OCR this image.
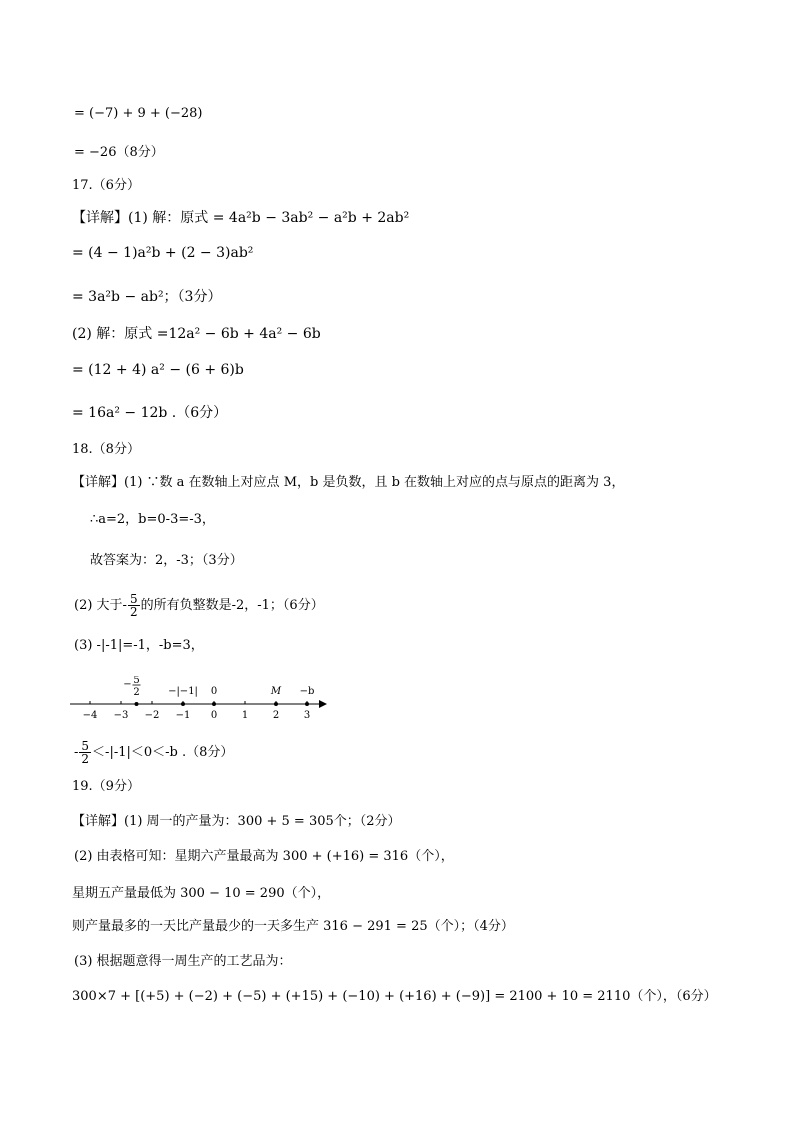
= (−7) + 9 + (−28)
= −26（8分）
17.（6分）
【详解】(1) 解：原式 = 4a²b − 3ab² − a²b + 2ab²
= (4 − 1)a²b + (2 − 3)ab²
= 3a²b − ab²；（3分）
(2) 解：原式 =12a² − 6b + 4a² − 6b
= (12 + 4) a² − (6 + 6)b
= 16a² − 12b .（6分）
18.（8分）
【详解】(1) ∵数 a 在数轴上对应点 M，b 是负数，且 b 在数轴上对应的点与原点的距离为 3，
∴a=2，b=0-3=-3，
故答案为：2，-3；（3分）
(2) 大于- $\frac{5}{2}$ 的所有负整数是-2，-1；（6分）
(3) -|-1|=-1，-b=3，
−4 −3 −2 −1 0 1 2 3
− 5
2	−|−1| 0	M −b
- $\frac{5}{2} <-|-1|<0<-b$ .（8分）
19.（9分）
【详解】(1) 周一的产量为：300 + 5 = 305个；（2分）
(2) 由表格可知：星期六产量最高为 300 + (+16) = 316（个），
星期五产量最低为 300 − 10 = 290（个），
则产量最多的一天比产量最少的一天多生产 316 − 291 = 25（个）；（4分）
(3) 根据题意得一周生产的工艺品为：
300×7 + [(+5) + (−2) + (−5) + (+15) + (−10) + (+16) + (−9)] = 2100 + 10 = 2110（个），（6分）
